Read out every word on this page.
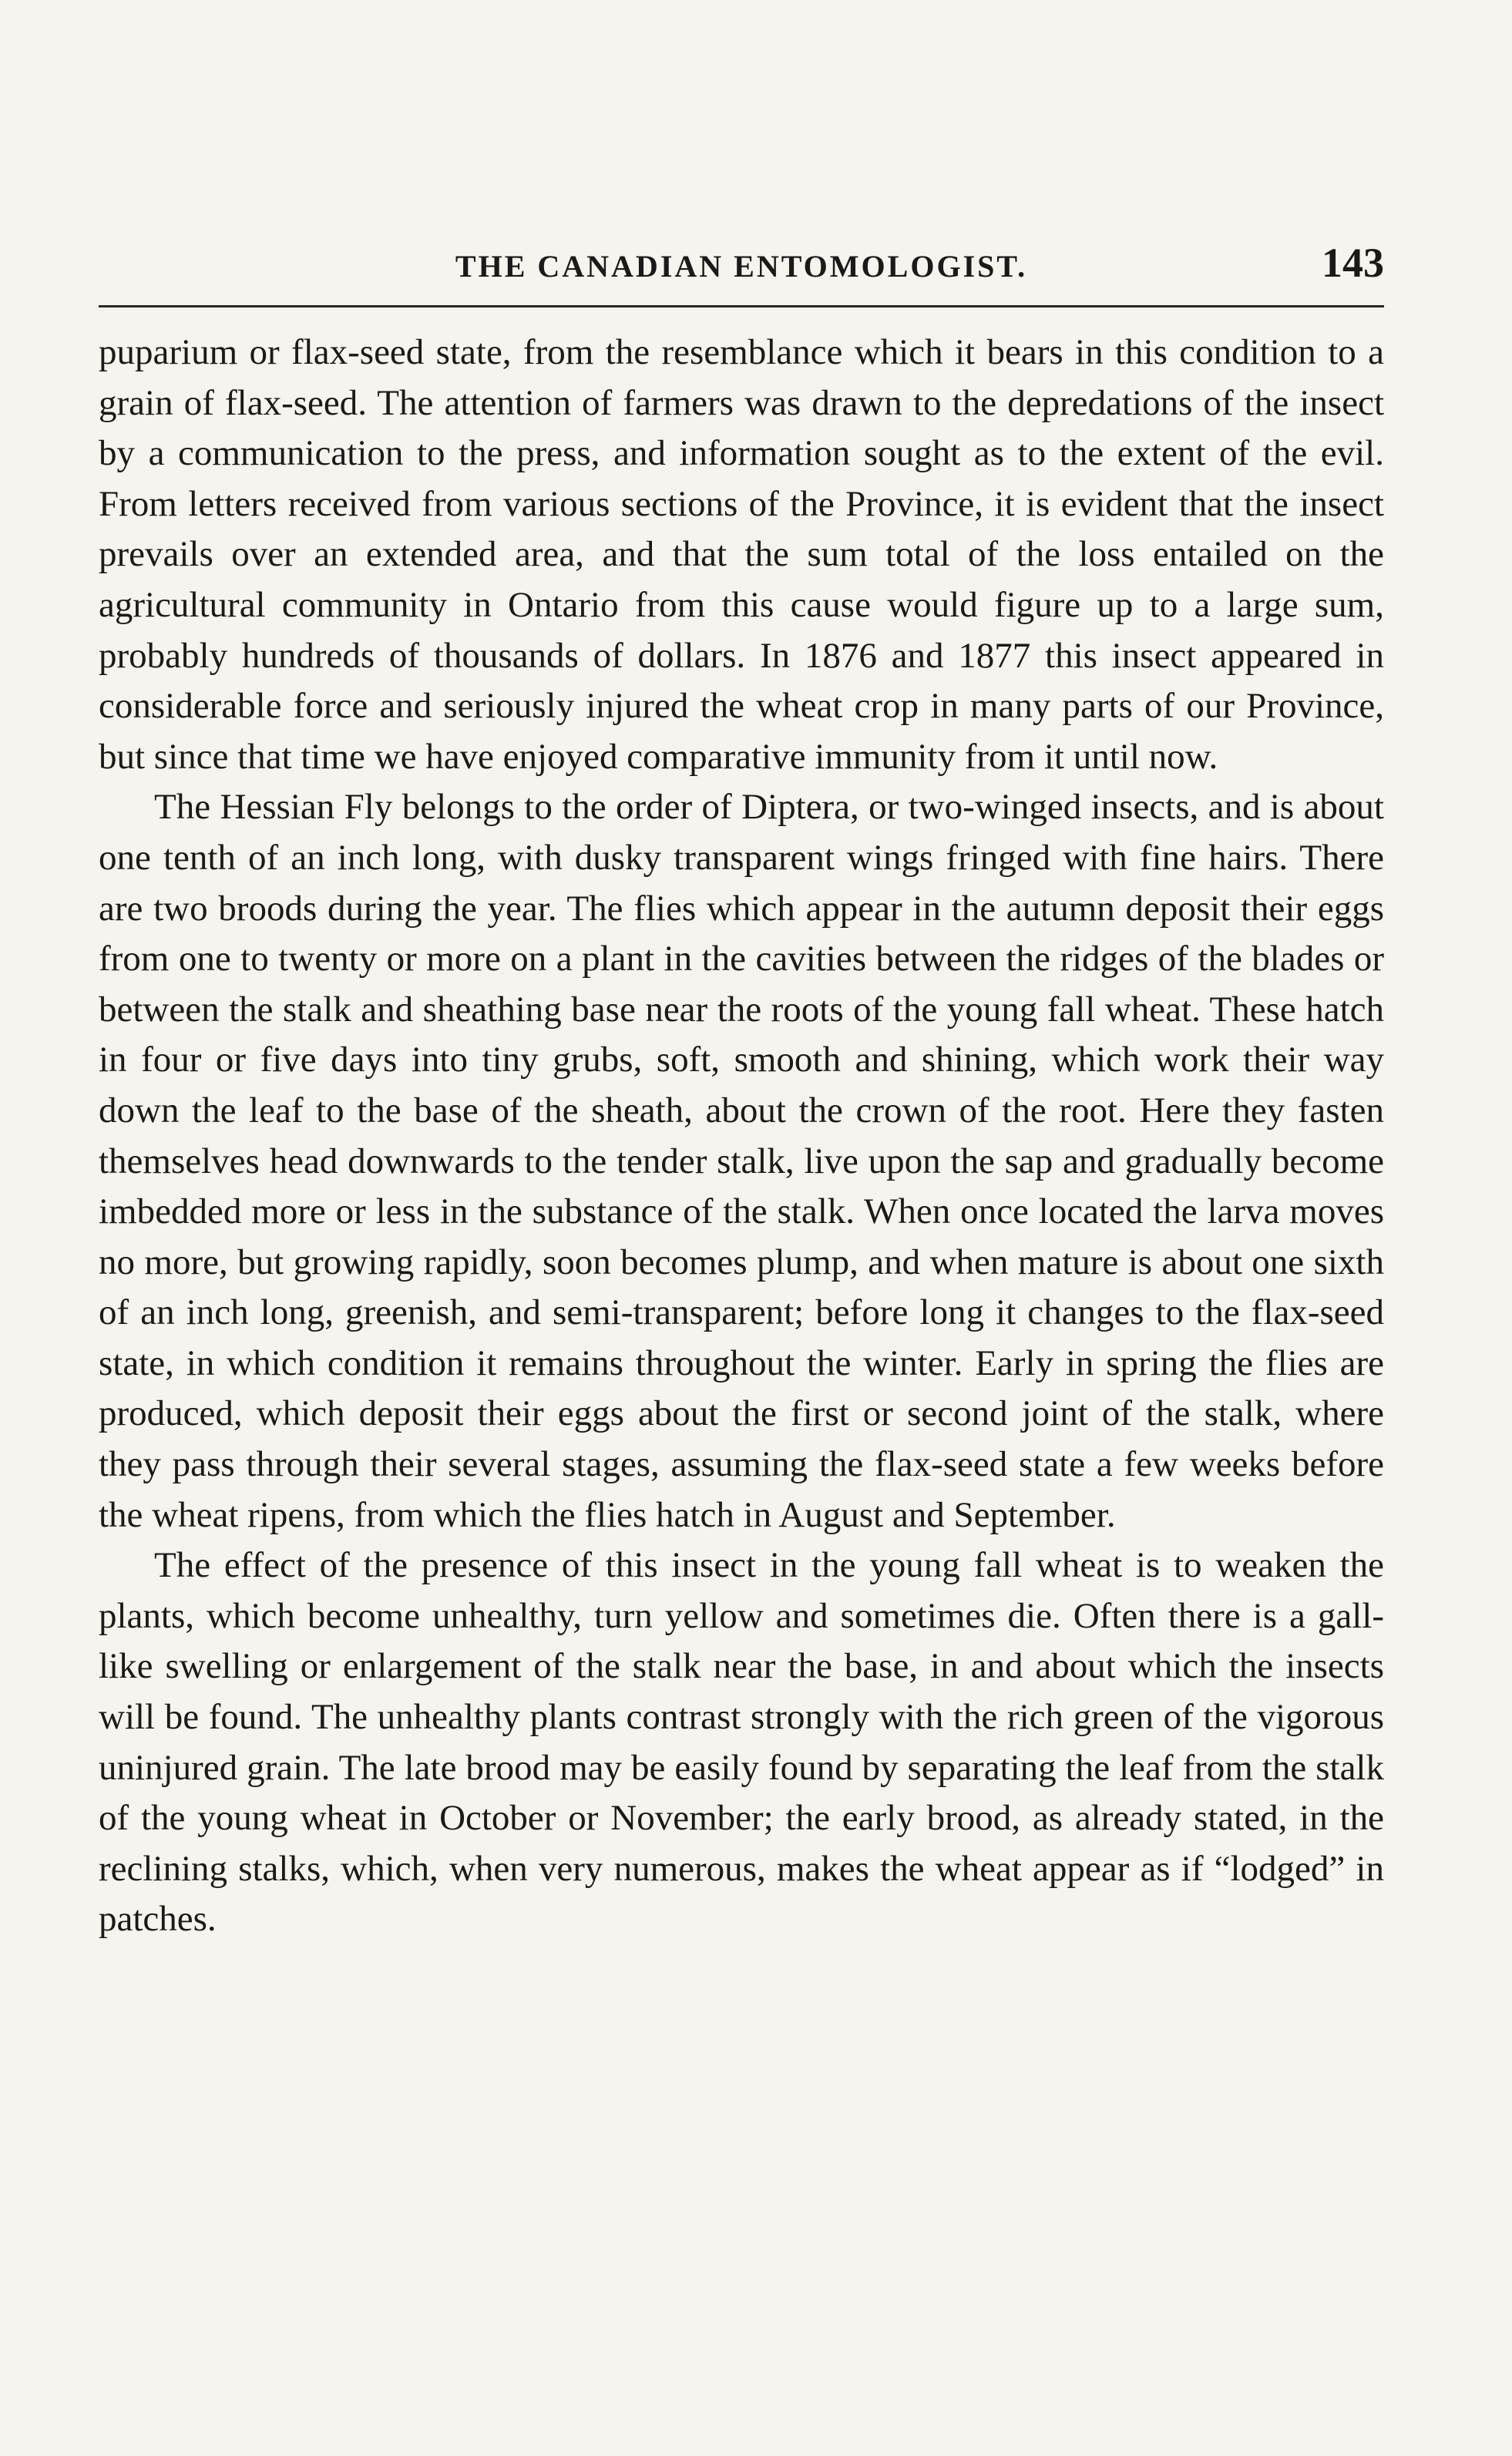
THE CANADIAN ENTOMOLOGIST.	143

puparium or flax-seed state, from the resemblance which it bears in this condition to a grain of flax-seed. The attention of farmers was drawn to the depredations of the insect by a communication to the press, and information sought as to the extent of the evil. From letters received from various sections of the Province, it is evident that the insect prevails over an extended area, and that the sum total of the loss entailed on the agricultural community in Ontario from this cause would figure up to a large sum, probably hundreds of thousands of dollars. In 1876 and 1877 this insect appeared in considerable force and seriously injured the wheat crop in many parts of our Province, but since that time we have enjoyed comparative immunity from it until now.

The Hessian Fly belongs to the order of Diptera, or two-winged insects, and is about one tenth of an inch long, with dusky transparent wings fringed with fine hairs. There are two broods during the year. The flies which appear in the autumn deposit their eggs from one to twenty or more on a plant in the cavities between the ridges of the blades or between the stalk and sheathing base near the roots of the young fall wheat. These hatch in four or five days into tiny grubs, soft, smooth and shining, which work their way down the leaf to the base of the sheath, about the crown of the root. Here they fasten themselves head downwards to the tender stalk, live upon the sap and gradually become imbedded more or less in the substance of the stalk. When once located the larva moves no more, but growing rapidly, soon becomes plump, and when mature is about one sixth of an inch long, greenish, and semi-transparent; before long it changes to the flax-seed state, in which condition it remains throughout the winter. Early in spring the flies are produced, which deposit their eggs about the first or second joint of the stalk, where they pass through their several stages, assuming the flax-seed state a few weeks before the wheat ripens, from which the flies hatch in August and September.

The effect of the presence of this insect in the young fall wheat is to weaken the plants, which become unhealthy, turn yellow and sometimes die. Often there is a gall-like swelling or enlargement of the stalk near the base, in and about which the insects will be found. The unhealthy plants contrast strongly with the rich green of the vigorous uninjured grain. The late brood may be easily found by separating the leaf from the stalk of the young wheat in October or November; the early brood, as already stated, in the reclining stalks, which, when very numerous, makes the wheat appear as if “lodged” in patches.
